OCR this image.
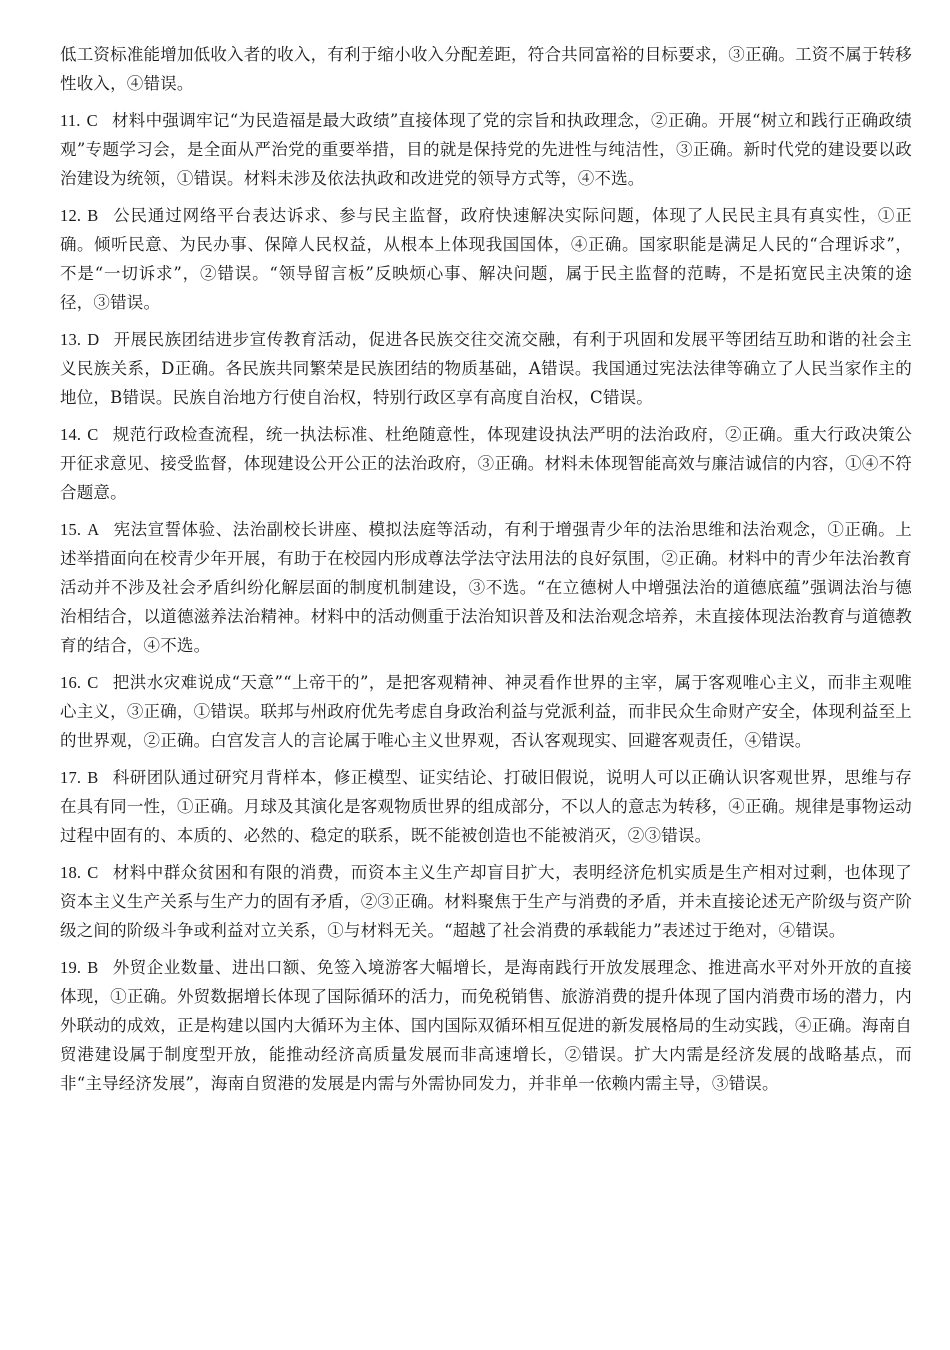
低工资标准能增加低收入者的收入，有利于缩小收入分配差距，符合共同富裕的目标要求，③正确。工资不属于转移性收入，④错误。

11. C 材料中强调牢记“为民造福是最大政绩”直接体现了党的宗旨和执政理念，②正确。开展“树立和践行正确政绩观”专题学习会，是全面从严治党的重要举措，目的就是保持党的先进性与纯洁性，③正确。新时代党的建设要以政治建设为统领，①错误。材料未涉及依法执政和改进党的领导方式等，④不选。

12. B 公民通过网络平台表达诉求、参与民主监督，政府快速解决实际问题，体现了人民民主具有真实性，①正确。倾听民意、为民办事、保障人民权益，从根本上体现我国国体，④正确。国家职能是满足人民的“合理诉求”，不是“一切诉求”，②错误。“领导留言板”反映烦心事、解决问题，属于民主监督的范畴，不是拓宽民主决策的途径，③错误。

13. D 开展民族团结进步宣传教育活动，促进各民族交往交流交融，有利于巩固和发展平等团结互助和谐的社会主义民族关系，D正确。各民族共同繁荣是民族团结的物质基础，A错误。我国通过宪法法律等确立了人民当家作主的地位，B错误。民族自治地方行使自治权，特别行政区享有高度自治权，C错误。

14. C 规范行政检查流程，统一执法标准、杜绝随意性，体现建设执法严明的法治政府，②正确。重大行政决策公开征求意见、接受监督，体现建设公开公正的法治政府，③正确。材料未体现智能高效与廉洁诚信的内容，①④不符合题意。

15. A 宪法宣誓体验、法治副校长讲座、模拟法庭等活动，有利于增强青少年的法治思维和法治观念，①正确。上述举措面向在校青少年开展，有助于在校园内形成尊法学法守法用法的良好氛围，②正确。材料中的青少年法治教育活动并不涉及社会矛盾纠纷化解层面的制度机制建设，③不选。“在立德树人中增强法治的道德底蕴”强调法治与德治相结合，以道德滋养法治精神。材料中的活动侧重于法治知识普及和法治观念培养，未直接体现法治教育与道德教育的结合，④不选。

16. C 把洪水灾难说成“天意”“上帝干的”，是把客观精神、神灵看作世界的主宰，属于客观唯心主义，而非主观唯心主义，③正确，①错误。联邦与州政府优先考虑自身政治利益与党派利益，而非民众生命财产安全，体现利益至上的世界观，②正确。白宫发言人的言论属于唯心主义世界观，否认客观现实、回避客观责任，④错误。

17. B 科研团队通过研究月背样本，修正模型、证实结论、打破旧假说，说明人可以正确认识客观世界，思维与存在具有同一性，①正确。月球及其演化是客观物质世界的组成部分，不以人的意志为转移，④正确。规律是事物运动过程中固有的、本质的、必然的、稳定的联系，既不能被创造也不能被消灭，②③错误。

18. C 材料中群众贫困和有限的消费，而资本主义生产却盲目扩大，表明经济危机实质是生产相对过剩，也体现了资本主义生产关系与生产力的固有矛盾，②③正确。材料聚焦于生产与消费的矛盾，并未直接论述无产阶级与资产阶级之间的阶级斗争或利益对立关系，①与材料无关。“超越了社会消费的承载能力”表述过于绝对，④错误。

19. B 外贸企业数量、进出口额、免签入境游客大幅增长，是海南践行开放发展理念、推进高水平对外开放的直接体现，①正确。外贸数据增长体现了国际循环的活力，而免税销售、旅游消费的提升体现了国内消费市场的潜力，内外联动的成效，正是构建以国内大循环为主体、国内国际双循环相互促进的新发展格局的生动实践，④正确。海南自贸港建设属于制度型开放，能推动经济高质量发展而非高速增长，②错误。扩大内需是经济发展的战略基点，而非“主导经济发展”，海南自贸港的发展是内需与外需协同发力，并非单一依赖内需主导，③错误。
